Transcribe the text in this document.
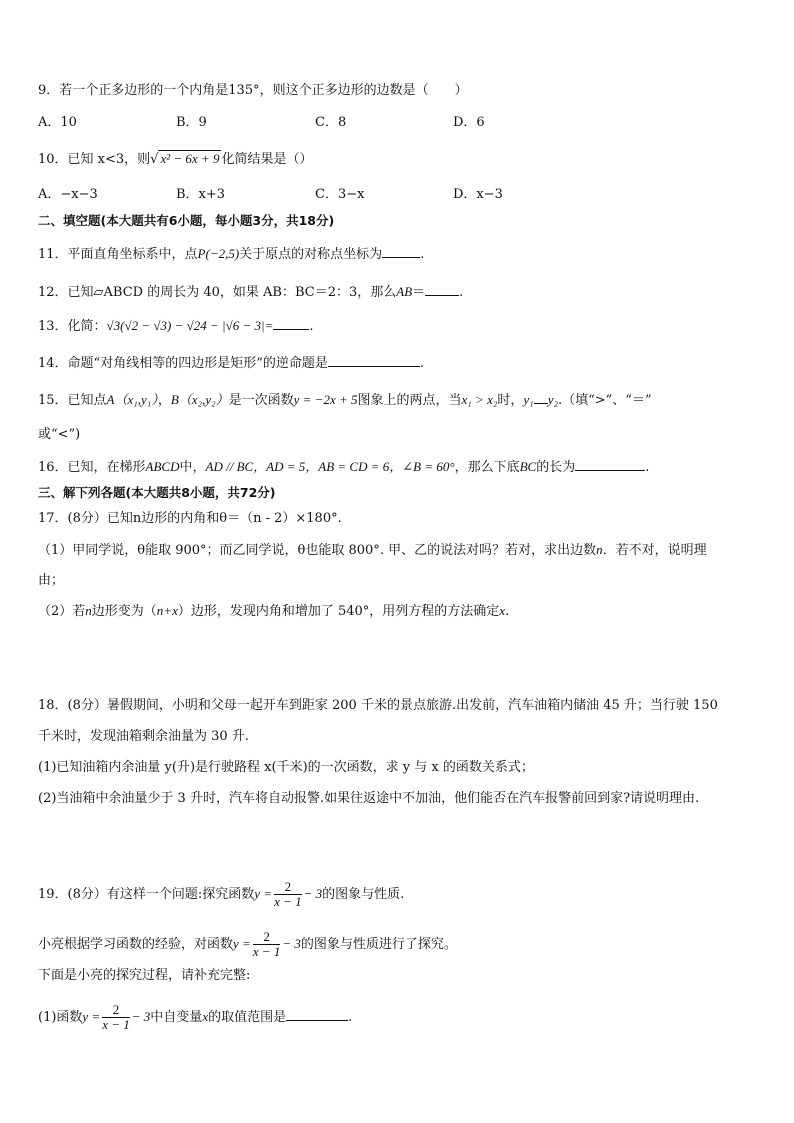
9．若一个正多边形的一个内角是135°，则这个正多边形的边数是（　　）
A．10	B．9	C．8	D．6
10．已知 x<3，则√ x² − 6x + 9 化简结果是（）
A．−x−3	B．x+3	C．3−x	D．x−3
二、填空题(本大题共有6小题，每小题3分，共18分)
11．平面直角坐标系中，点P(−2,5)关于原点的对称点坐标为	.
12．已知▱ABCD 的周长为 40，如果 AB：BC＝2：3，那么AB＝	.
13．化简：√3(√2 − √3) − √24 − |√6 − 3|=	.
14．命题“对角线相等的四边形是矩形”的逆命题是	.
15．已知点A（x₁,y₁），B（x₂,y₂）是一次函数y = −2x + 5图象上的两点，当x₁ > x₂时，y₁ y₂.（填“>”、“＝”
或“<”)
16．已知，在梯形ABCD中，AD // BC，AD = 5，AB = CD = 6，∠B = 60°，那么下底BC的长为	.
三、解下列各题(本大题共8小题，共72分)
17．(8分）已知n边形的内角和θ＝（n - 2）×180°.
（1）甲同学说，θ能取 900°；而乙同学说，θ也能取 800°. 甲、乙的说法对吗？若对，求出边数n．若不对，说明理
由；
（2）若n边形变为（n+x）边形，发现内角和增加了 540°，用列方程的方法确定x.
18．(8分）暑假期间，小明和父母一起开车到距家 200 千米的景点旅游.出发前，汽车油箱内储油 45 升；当行驶 150
千米时，发现油箱剩余油量为 30 升.
(1)已知油箱内余油量 y(升)是行驶路程 x(千米)的一次函数，求 y 与 x 的函数关系式；
(2)当油箱中余油量少于 3 升时，汽车将自动报警.如果往返途中不加油，他们能否在汽车报警前回到家?请说明理由.
19．(8分）有这样一个问题:探究函数$y = \frac{2}{x - 1} - 3$的图象与性质.
小亮根据学习函数的经验，对函数$y = \frac{2}{x - 1} - 3$的图象与性质进行了探究。
下面是小亮的探究过程，请补充完整:
(1)函数$y = \frac{2}{x - 1} - 3$中自变量x的取值范围是	.
